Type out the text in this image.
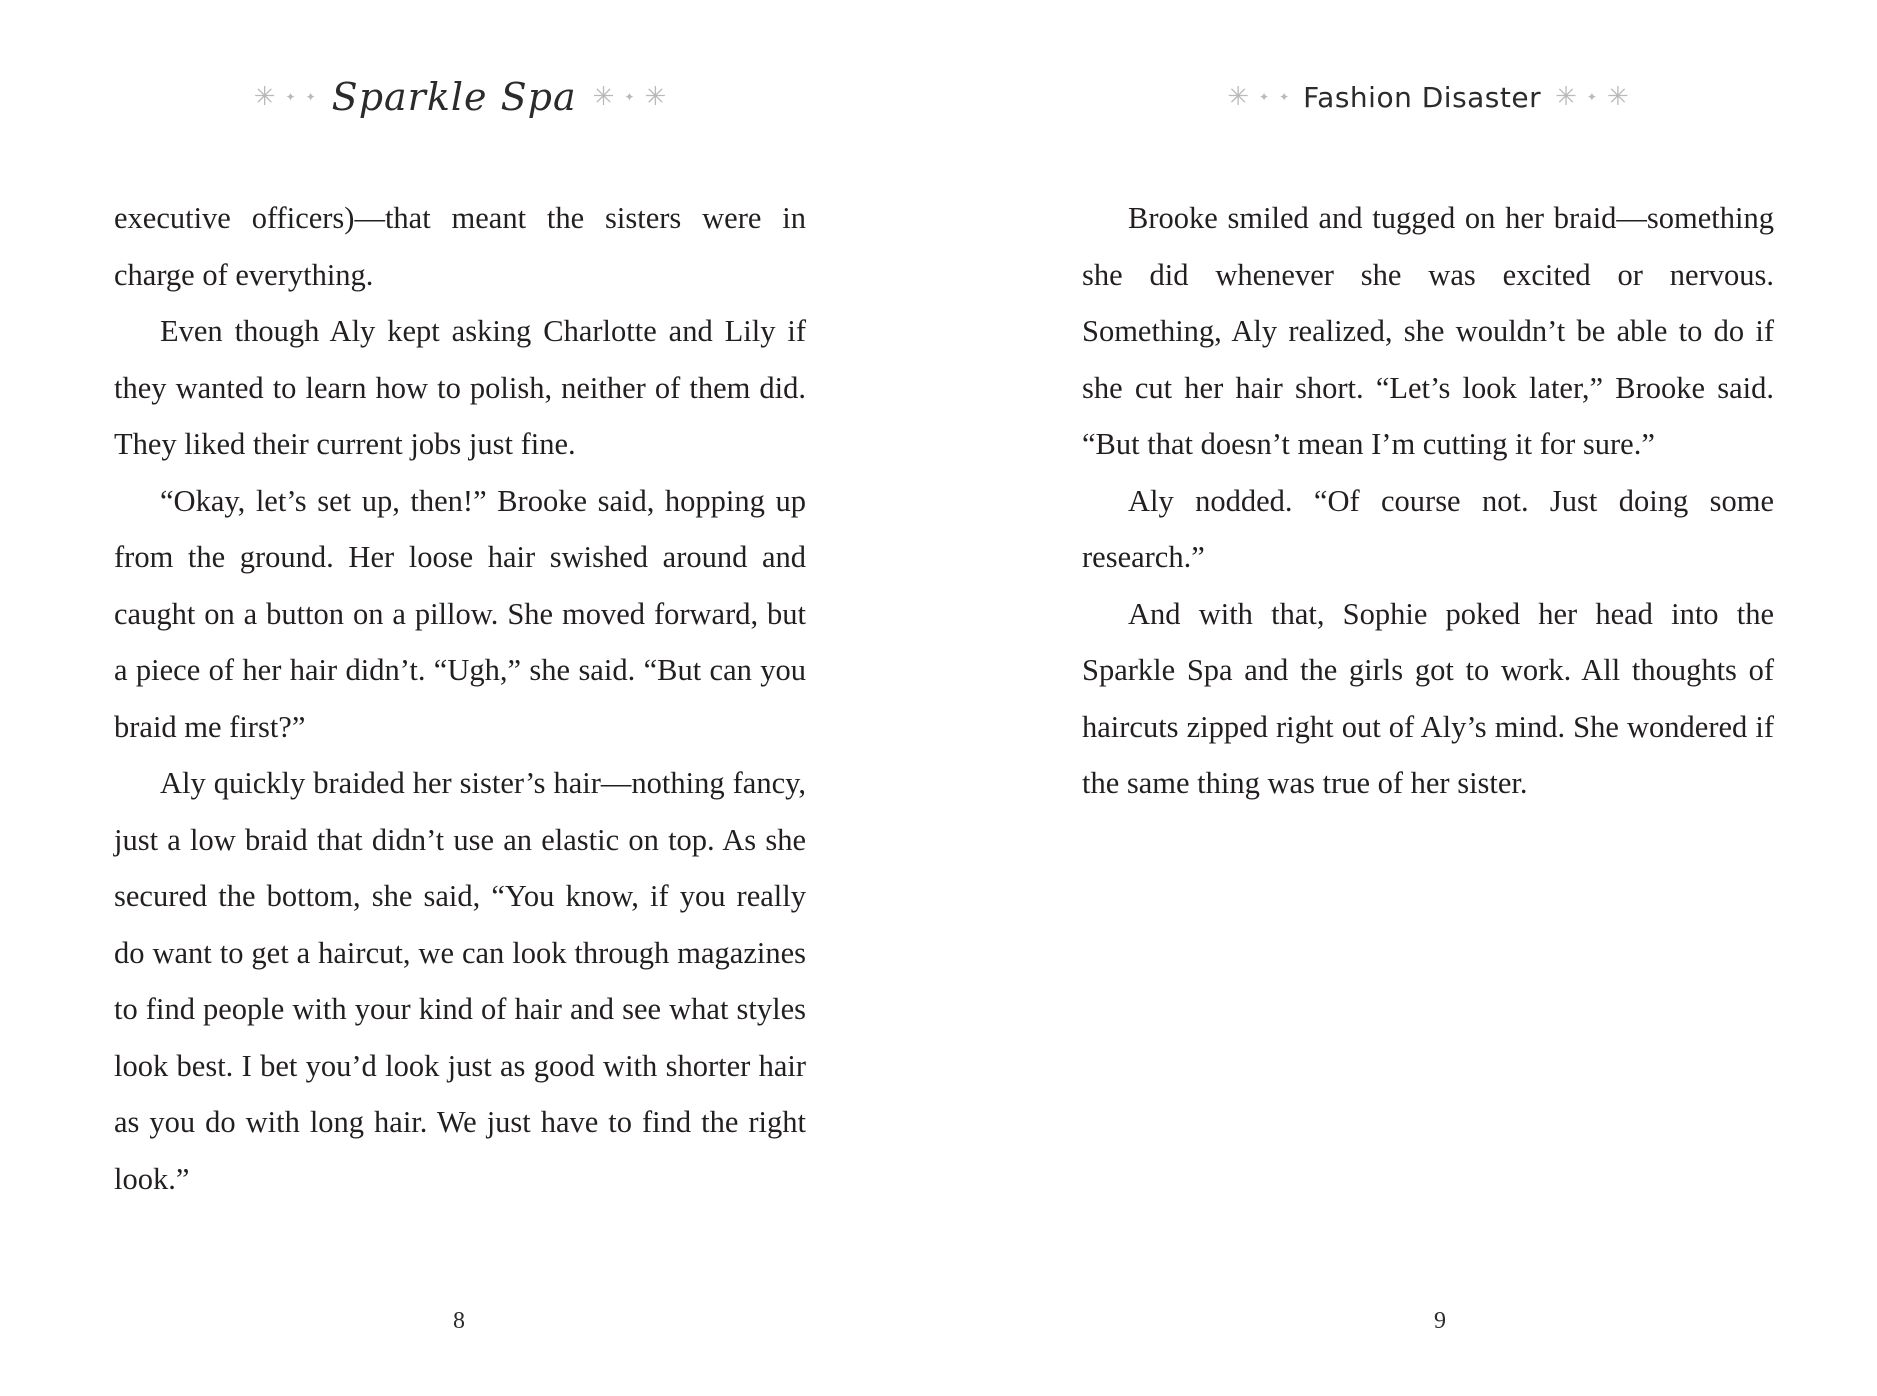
✳ ✦ ✦ Sparkle Spa ✳ ✦ ✳

executive officers)—that meant the sisters were in charge of everything.

Even though Aly kept asking Charlotte and Lily if they wanted to learn how to polish, neither of them did. They liked their current jobs just fine.

“Okay, let’s set up, then!” Brooke said, hopping up from the ground. Her loose hair swished around and caught on a button on a pillow. She moved forward, but a piece of her hair didn’t. “Ugh,” she said. “But can you braid me first?”

Aly quickly braided her sister’s hair—nothing fancy, just a low braid that didn’t use an elastic on top. As she secured the bottom, she said, “You know, if you really do want to get a haircut, we can look through magazines to find people with your kind of hair and see what styles look best. I bet you’d look just as good with shorter hair as you do with long hair. We just have to find the right look.”

8
✳ ✦ ✦ Fashion Disaster ✳ ✦ ✳

Brooke smiled and tugged on her braid—something she did whenever she was excited or nervous. Something, Aly realized, she wouldn’t be able to do if she cut her hair short. “Let’s look later,” Brooke said. “But that doesn’t mean I’m cutting it for sure.”

Aly nodded. “Of course not. Just doing some research.”

And with that, Sophie poked her head into the Sparkle Spa and the girls got to work. All thoughts of haircuts zipped right out of Aly’s mind. She wondered if the same thing was true of her sister.

9
